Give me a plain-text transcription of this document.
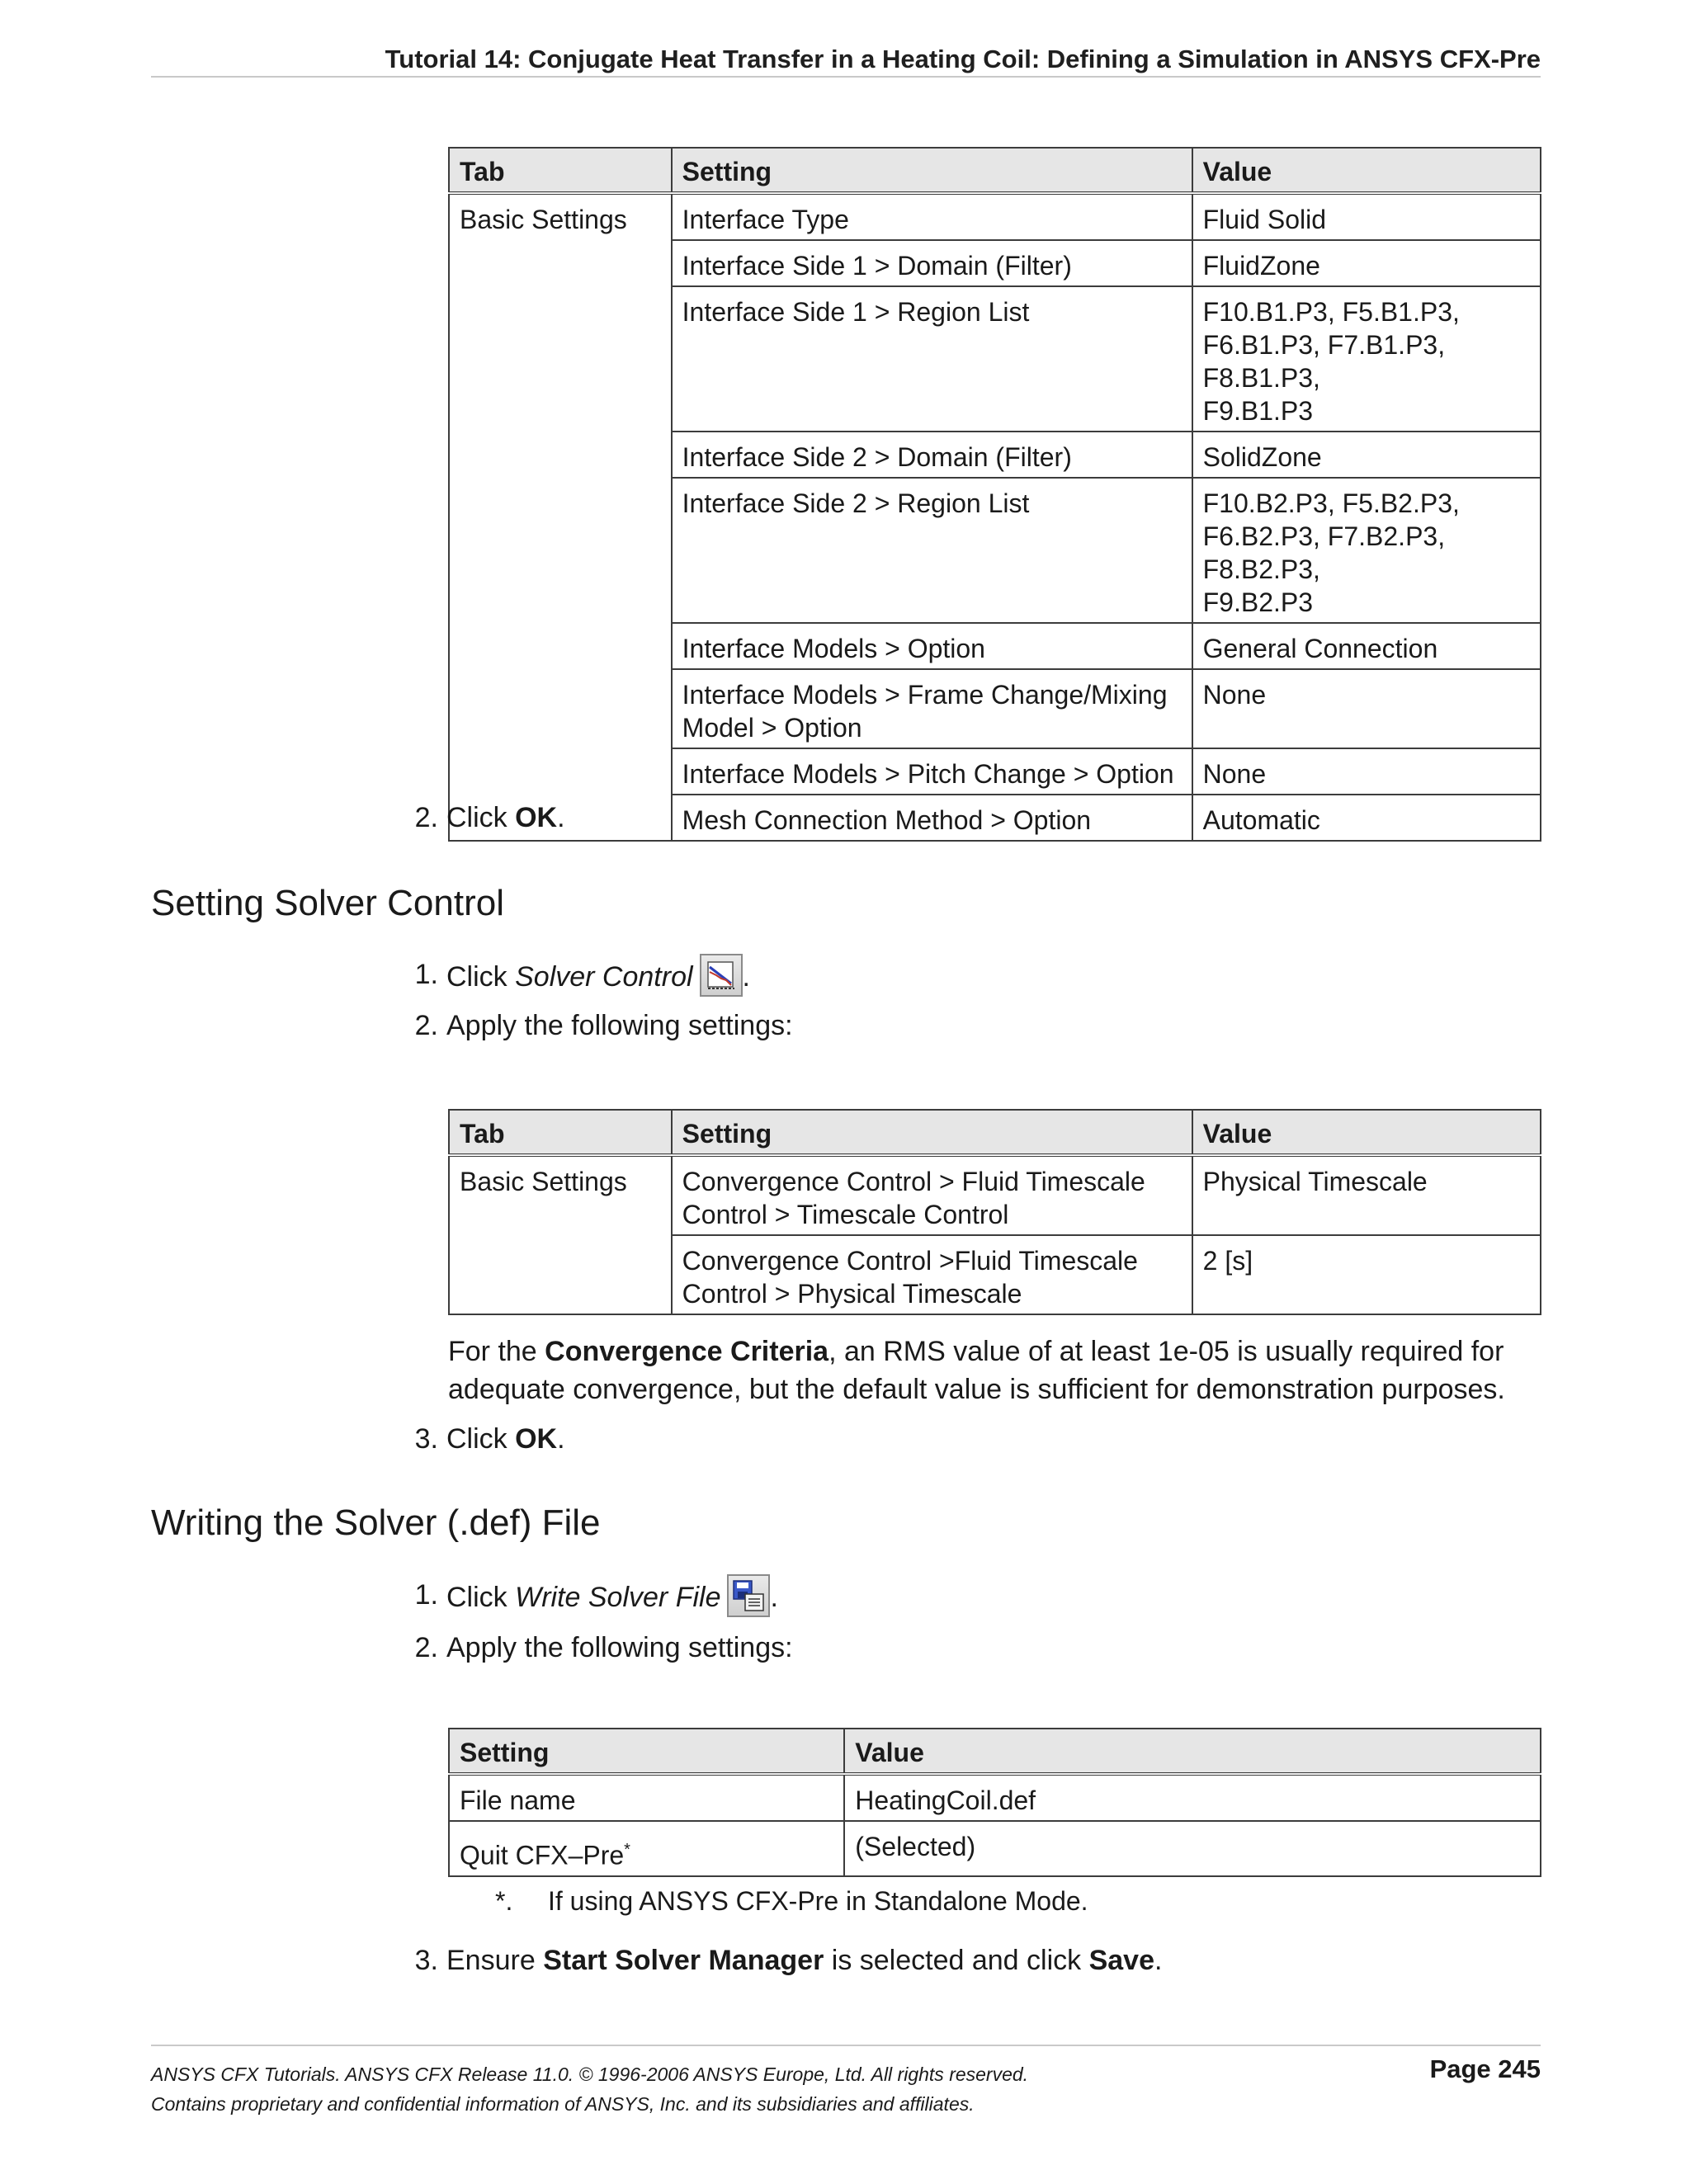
Tutorial 14: Conjugate Heat Transfer in a Heating Coil: Defining a Simulation in ANSYS CFX-Pre
Tab	Setting	Value
Basic Settings	Interface Type	Fluid Solid
	Interface Side 1 > Domain (Filter)	FluidZone
	Interface Side 1 > Region List	F10.B1.P3, F5.B1.P3,
F6.B1.P3, F7.B1.P3, F8.B1.P3,
F9.B1.P3
	Interface Side 2 > Domain (Filter)	SolidZone
	Interface Side 2 > Region List	F10.B2.P3, F5.B2.P3,
F6.B2.P3, F7.B2.P3, F8.B2.P3,
F9.B2.P3
	Interface Models > Option	General Connection
	Interface Models > Frame Change/Mixing
Model > Option	None
	Interface Models > Pitch Change > Option	None
	Mesh Connection Method > Option	Automatic
2. Click OK.
Setting Solver Control
1. Click Solver Control .
2. Apply the following settings:
Tab	Setting	Value
Basic Settings	Convergence Control > Fluid Timescale
Control > Timescale Control	Physical Timescale
	Convergence Control >Fluid Timescale
Control > Physical Timescale	2 [s]
For the Convergence Criteria, an RMS value of at least 1e-05 is usually required for adequate convergence, but the default value is sufficient for demonstration purposes.
3. Click OK.
Writing the Solver (.def) File
1. Click Write Solver File .
2. Apply the following settings:
Setting	Value
File name	HeatingCoil.def
Quit CFX–Pre*	(Selected)
*. If using ANSYS CFX-Pre in Standalone Mode.
3. Ensure Start Solver Manager is selected and click Save.
ANSYS CFX Tutorials. ANSYS CFX Release 11.0. © 1996-2006 ANSYS Europe, Ltd. All rights reserved.
Contains proprietary and confidential information of ANSYS, Inc. and its subsidiaries and affiliates.
Page 245
